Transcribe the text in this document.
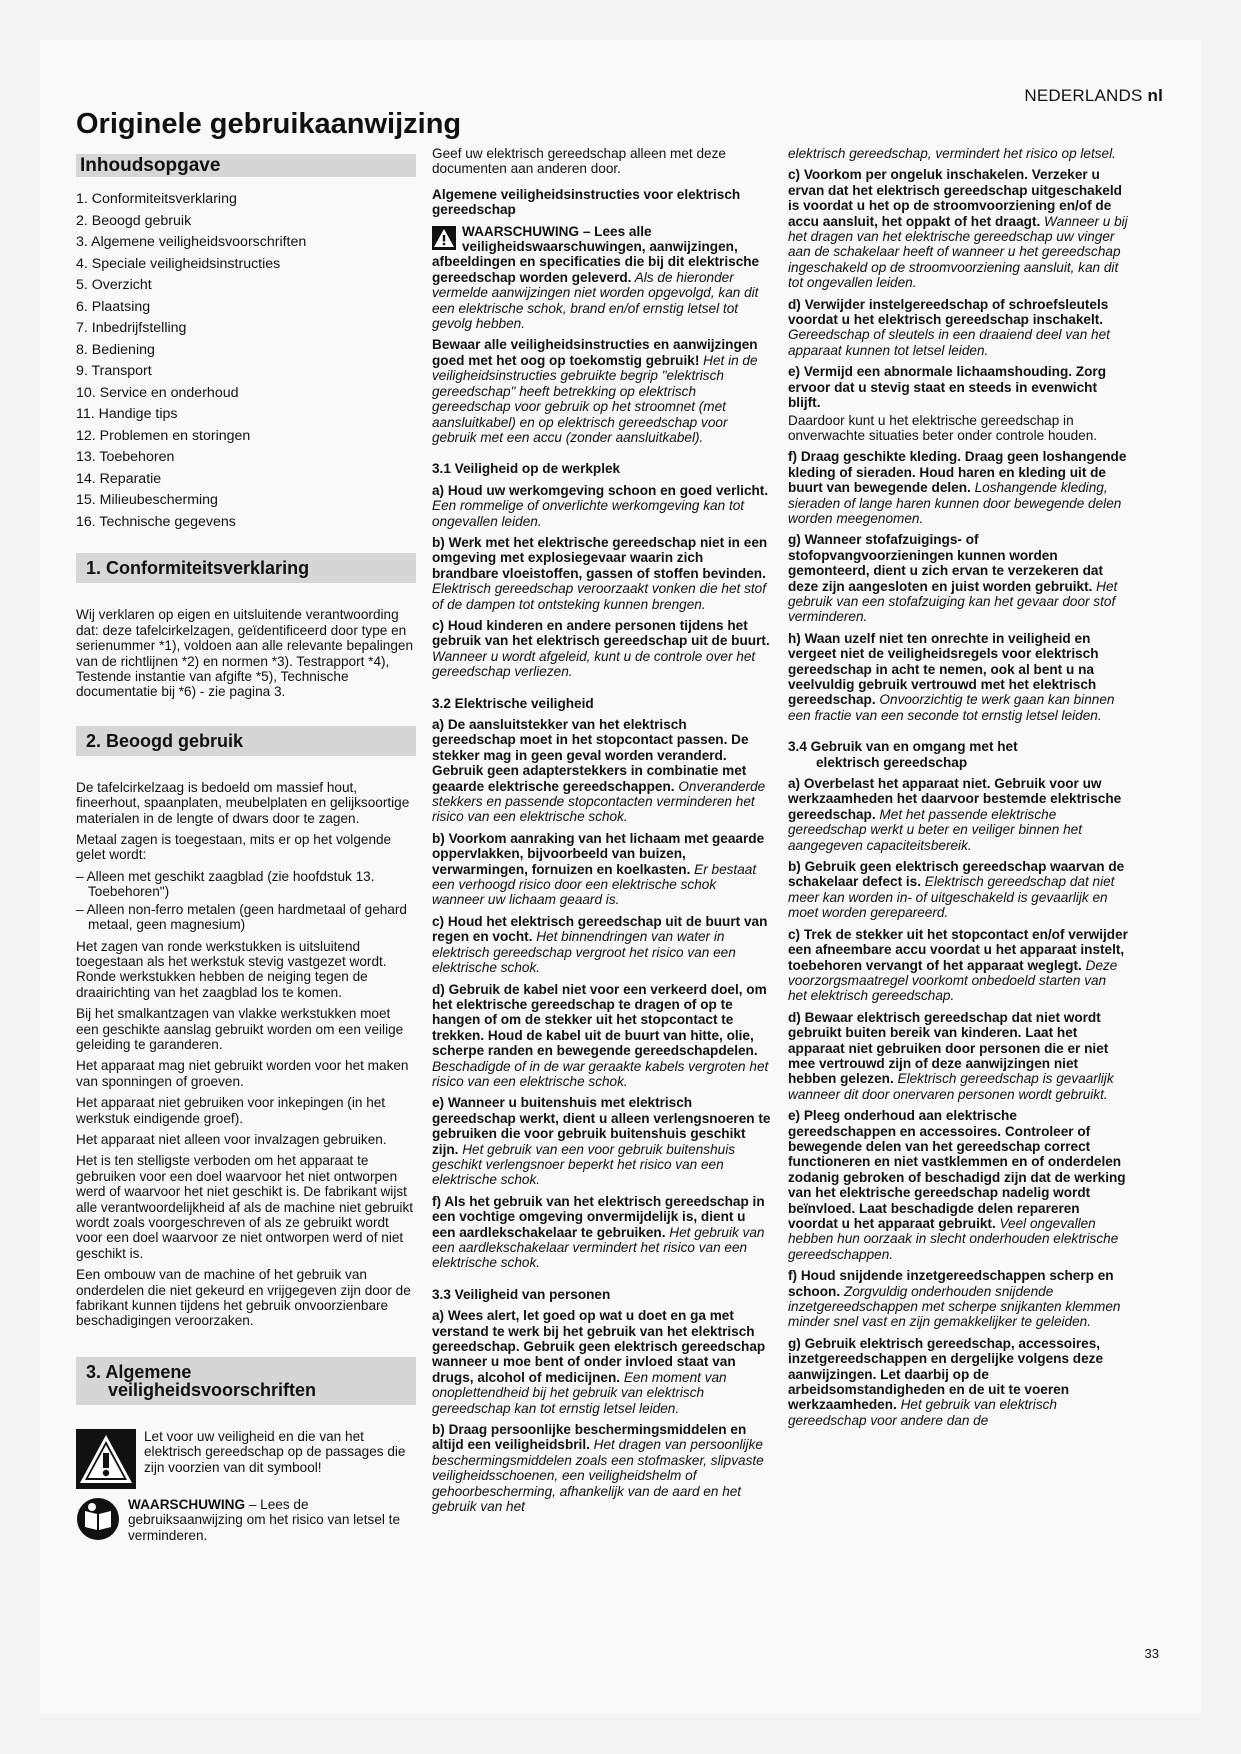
NEDERLANDS nl
Originele gebruikaanwijzing
Inhoudsopgave
1. Conformiteitsverklaring
2. Beoogd gebruik
3. Algemene veiligheidsvoorschriften
4. Speciale veiligheidsinstructies
5. Overzicht
6. Plaatsing
7. Inbedrijfstelling
8. Bediening
9. Transport
10. Service en onderhoud
11. Handige tips
12. Problemen en storingen
13. Toebehoren
14. Reparatie
15. Milieubescherming
16. Technische gegevens
1. Conformiteitsverklaring

Wij verklaren op eigen en uitsluitende verantwoording dat: deze tafelcirkelzagen, geïdentificeerd door type en serienummer *1), voldoen aan alle relevante bepalingen van de richtlijnen *2) en normen *3). Testrapport *4), Testende instantie van afgifte *5), Technische documentatie bij *6) - zie pagina 3.

2. Beoogd gebruik

De tafelcirkelzaag is bedoeld om massief hout, fineerhout, spaanplaten, meubelplaten en gelijksoortige materialen in de lengte of dwars door te zagen.

Metaal zagen is toegestaan, mits er op het volgende gelet wordt:

– Alleen met geschikt zaagblad (zie hoofdstuk 13. Toebehoren")

– Alleen non-ferro metalen (geen hardmetaal of gehard metaal, geen magnesium)

Het zagen van ronde werkstukken is uitsluitend toegestaan als het werkstuk stevig vastgezet wordt. Ronde werkstukken hebben de neiging tegen de draairichting van het zaagblad los te komen.

Bij het smalkantzagen van vlakke werkstukken moet een geschikte aanslag gebruikt worden om een veilige geleiding te garanderen.

Het apparaat mag niet gebruikt worden voor het maken van sponningen of groeven.

Het apparaat niet gebruiken voor inkepingen (in het werkstuk eindigende groef).

Het apparaat niet alleen voor invalzagen gebruiken.

Het is ten stelligste verboden om het apparaat te gebruiken voor een doel waarvoor het niet ontworpen werd of waarvoor het niet geschikt is. De fabrikant wijst alle verantwoordelijkheid af als de machine niet gebruikt wordt zoals voorgeschreven of als ze gebruikt wordt voor een doel waarvoor ze niet ontworpen werd of niet geschikt is.

Een ombouw van de machine of het gebruik van onderdelen die niet gekeurd en vrijgegeven zijn door de fabrikant kunnen tijdens het gebruik onvoorzienbare beschadigingen veroorzaken.

3. Algemene
veiligheidsvoorschriften

Let voor uw veiligheid en die van het elektrisch gereedschap op de passages die zijn voorzien van dit symbool!

WAARSCHUWING – Lees de gebruiksaanwijzing om het risico van letsel te verminderen.

Geef uw elektrisch gereedschap alleen met deze documenten aan anderen door.

Algemene veiligheidsinstructies voor elektrisch gereedschap

WAARSCHUWING – Lees alle veiligheidswaarschuwingen, aanwijzingen, afbeeldingen en specificaties die bij dit elektrische gereedschap worden geleverd. Als de hieronder vermelde aanwijzingen niet worden opgevolgd, kan dit een elektrische schok, brand en/of ernstig letsel tot gevolg hebben.

Bewaar alle veiligheidsinstructies en aanwijzingen goed met het oog op toekomstig gebruik! Het in de veiligheidsinstructies gebruikte begrip "elektrisch gereedschap" heeft betrekking op elektrisch gereedschap voor gebruik op het stroomnet (met aansluitkabel) en op elektrisch gereedschap voor gebruik met een accu (zonder aansluitkabel).

3.1 Veiligheid op de werkplek

a) Houd uw werkomgeving schoon en goed verlicht. Een rommelige of onverlichte werkomgeving kan tot ongevallen leiden.

b) Werk met het elektrische gereedschap niet in een omgeving met explosiegevaar waarin zich brandbare vloeistoffen, gassen of stoffen bevinden. Elektrisch gereedschap veroorzaakt vonken die het stof of de dampen tot ontsteking kunnen brengen.

c) Houd kinderen en andere personen tijdens het gebruik van het elektrisch gereedschap uit de buurt. Wanneer u wordt afgeleid, kunt u de controle over het gereedschap verliezen.

3.2 Elektrische veiligheid

a) De aansluitstekker van het elektrisch gereedschap moet in het stopcontact passen. De stekker mag in geen geval worden veranderd. Gebruik geen adapterstekkers in combinatie met geaarde elektrische gereedschappen. Onveranderde stekkers en passende stopcontacten verminderen het risico van een elektrische schok.

b) Voorkom aanraking van het lichaam met geaarde oppervlakken, bijvoorbeeld van buizen, verwarmingen, fornuizen en koelkasten. Er bestaat een verhoogd risico door een elektrische schok wanneer uw lichaam geaard is.

c) Houd het elektrisch gereedschap uit de buurt van regen en vocht. Het binnendringen van water in elektrisch gereedschap vergroot het risico van een elektrische schok.

d) Gebruik de kabel niet voor een verkeerd doel, om het elektrische gereedschap te dragen of op te hangen of om de stekker uit het stopcontact te trekken. Houd de kabel uit de buurt van hitte, olie, scherpe randen en bewegende gereedschapdelen. Beschadigde of in de war geraakte kabels vergroten het risico van een elektrische schok.

e) Wanneer u buitenshuis met elektrisch gereedschap werkt, dient u alleen verlengsnoeren te gebruiken die voor gebruik buitenshuis geschikt zijn. Het gebruik van een voor gebruik buitenshuis geschikt verlengsnoer beperkt het risico van een elektrische schok.

f) Als het gebruik van het elektrisch gereedschap in een vochtige omgeving onvermijdelijk is, dient u een aardlekschakelaar te gebruiken. Het gebruik van een aardlekschakelaar vermindert het risico van een elektrische schok.

3.3 Veiligheid van personen

a) Wees alert, let goed op wat u doet en ga met verstand te werk bij het gebruik van het elektrisch gereedschap. Gebruik geen elektrisch gereedschap wanneer u moe bent of onder invloed staat van drugs, alcohol of medicijnen. Een moment van onoplettendheid bij het gebruik van elektrisch gereedschap kan tot ernstig letsel leiden.

b) Draag persoonlijke beschermingsmiddelen en altijd een veiligheidsbril. Het dragen van persoonlijke beschermingsmiddelen zoals een stofmasker, slipvaste veiligheidsschoenen, een veiligheidshelm of gehoorbescherming, afhankelijk van de aard en het gebruik van het

elektrisch gereedschap, vermindert het risico op letsel.

c) Voorkom per ongeluk inschakelen. Verzeker u ervan dat het elektrisch gereedschap uitgeschakeld is voordat u het op de stroomvoorziening en/of de accu aansluit, het oppakt of het draagt. Wanneer u bij het dragen van het elektrische gereedschap uw vinger aan de schakelaar heeft of wanneer u het gereedschap ingeschakeld op de stroomvoorziening aansluit, kan dit tot ongevallen leiden.

d) Verwijder instelgereedschap of schroefsleutels voordat u het elektrisch gereedschap inschakelt. Gereedschap of sleutels in een draaiend deel van het apparaat kunnen tot letsel leiden.

e) Vermijd een abnormale lichaamshouding. Zorg ervoor dat u stevig staat en steeds in evenwicht blijft.

Daardoor kunt u het elektrische gereedschap in onverwachte situaties beter onder controle houden.

f) Draag geschikte kleding. Draag geen loshangende kleding of sieraden. Houd haren en kleding uit de buurt van bewegende delen. Loshangende kleding, sieraden of lange haren kunnen door bewegende delen worden meegenomen.

g) Wanneer stofafzuigings- of stofopvangvoorzieningen kunnen worden gemonteerd, dient u zich ervan te verzekeren dat deze zijn aangesloten en juist worden gebruikt. Het gebruik van een stofafzuiging kan het gevaar door stof verminderen.

h) Waan uzelf niet ten onrechte in veiligheid en vergeet niet de veiligheidsregels voor elektrisch gereedschap in acht te nemen, ook al bent u na veelvuldig gebruik vertrouwd met het elektrisch gereedschap. Onvoorzichtig te werk gaan kan binnen een fractie van een seconde tot ernstig letsel leiden.

3.4 Gebruik van en omgang met het
elektrisch gereedschap

a) Overbelast het apparaat niet. Gebruik voor uw werkzaamheden het daarvoor bestemde elektrische gereedschap. Met het passende elektrische gereedschap werkt u beter en veiliger binnen het aangegeven capaciteitsbereik.

b) Gebruik geen elektrisch gereedschap waarvan de schakelaar defect is. Elektrisch gereedschap dat niet meer kan worden in- of uitgeschakeld is gevaarlijk en moet worden gerepareerd.

c) Trek de stekker uit het stopcontact en/of verwijder een afneembare accu voordat u het apparaat instelt, toebehoren vervangt of het apparaat weglegt. Deze voorzorgsmaatregel voorkomt onbedoeld starten van het elektrisch gereedschap.

d) Bewaar elektrisch gereedschap dat niet wordt gebruikt buiten bereik van kinderen. Laat het apparaat niet gebruiken door personen die er niet mee vertrouwd zijn of deze aanwijzingen niet hebben gelezen. Elektrisch gereedschap is gevaarlijk wanneer dit door onervaren personen wordt gebruikt.

e) Pleeg onderhoud aan elektrische gereedschappen en accessoires. Controleer of bewegende delen van het gereedschap correct functioneren en niet vastklemmen en of onderdelen zodanig gebroken of beschadigd zijn dat de werking van het elektrische gereedschap nadelig wordt beïnvloed. Laat beschadigde delen repareren voordat u het apparaat gebruikt. Veel ongevallen hebben hun oorzaak in slecht onderhouden elektrische gereedschappen.

f) Houd snijdende inzetgereedschappen scherp en schoon. Zorgvuldig onderhouden snijdende inzetgereedschappen met scherpe snijkanten klemmen minder snel vast en zijn gemakkelijker te geleiden.

g) Gebruik elektrisch gereedschap, accessoires, inzetgereedschappen en dergelijke volgens deze aanwijzingen. Let daarbij op de arbeidsomstandigheden en de uit te voeren werkzaamheden. Het gebruik van elektrisch gereedschap voor andere dan de

33
